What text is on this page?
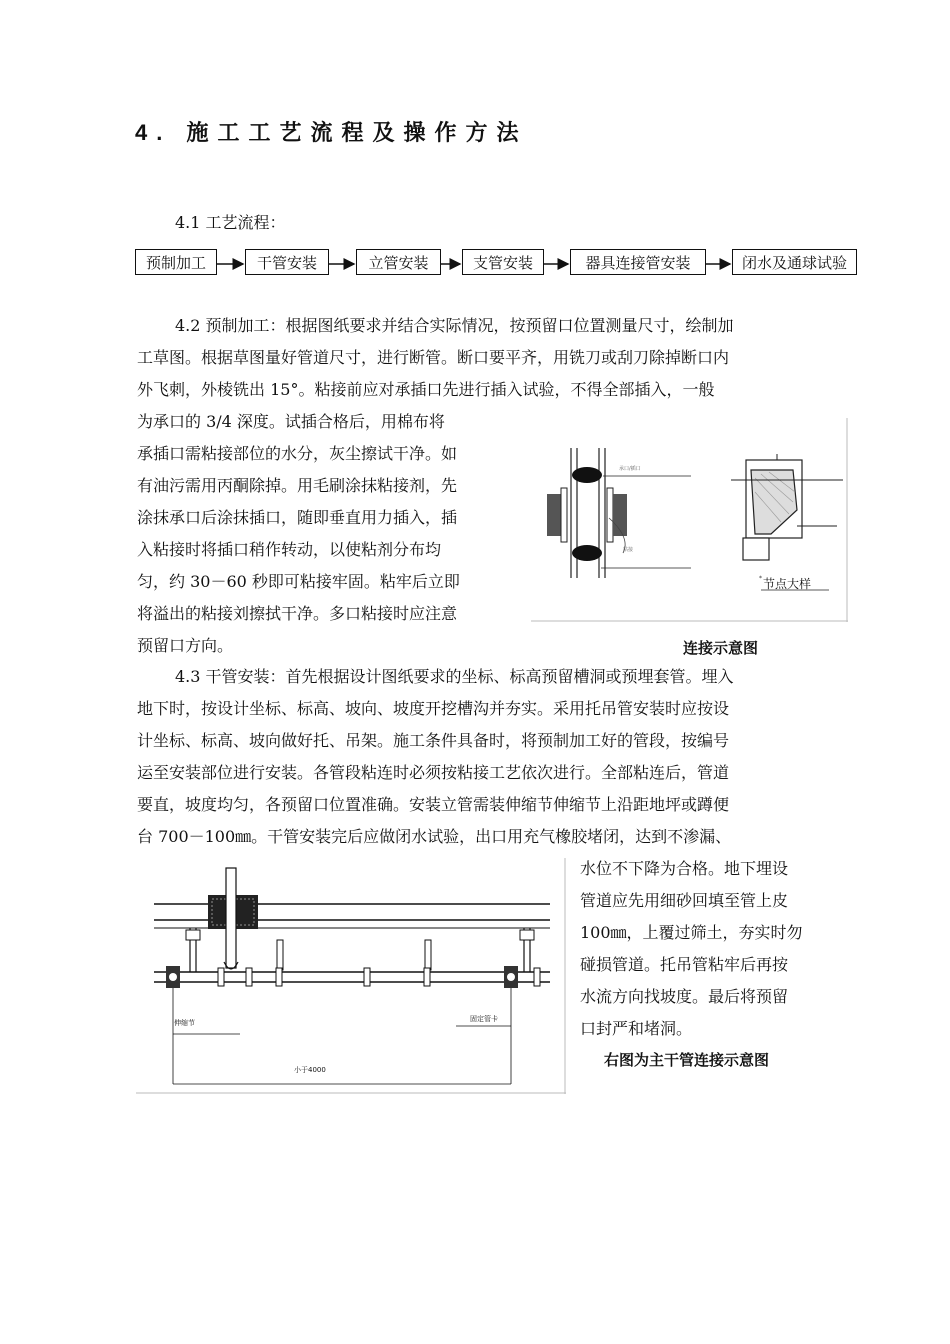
4. 施工工艺流程及操作方法
4.1 工艺流程：
预制加工	干管安装	立管安装	支管安装	器具连接管安装	闭水及通球试验
4.2 预制加工：根据图纸要求并结合实际情况，按预留口位置测量尺寸，绘制加
工草图。根据草图量好管道尺寸，进行断管。断口要平齐，用铣刀或刮刀除掉断口内
外飞刺，外棱铣出 15°。粘接前应对承插口先进行插入试验，不得全部插入，一般
为承口的 3/4 深度。试插合格后，用棉布将
承插口需粘接部位的水分，灰尘擦试干净。如
有油污需用丙酮除掉。用毛刷涂抹粘接剂，先
涂抹承口后涂抹插口，随即垂直用力插入，插
入粘接时将插口稍作转动，以使粘剂分布均
匀，约 30－60 秒即可粘接牢固。粘牢后立即
将溢出的粘接刘擦拭干净。多口粘接时应注意
预留口方向。
承口/插口
粘接
* 节点大样
连接示意图
4.3 干管安装：首先根据设计图纸要求的坐标、标高预留槽洞或预埋套管。埋入
地下时，按设计坐标、标高、坡向、坡度开挖槽沟并夯实。采用托吊管安装时应按设
计坐标、标高、坡向做好托、吊架。施工条件具备时，将预制加工好的管段，按编号
运至安装部位进行安装。各管段粘连时必须按粘接工艺依次进行。全部粘连后，管道
要直，坡度均匀，各预留口位置准确。安装立管需装伸缩节伸缩节上沿距地坪或蹲便
台 700－100㎜。干管安装完后应做闭水试验，出口用充气橡胶堵闭，达到不渗漏、
水位不下降为合格。地下埋设
管道应先用细砂回填至管上皮
100㎜，上覆过筛土，夯实时勿
碰损管道。托吊管粘牢后再按
水流方向找坡度。最后将预留
口封严和堵洞。
右图为主干管连接示意图
伸缩节	固定管卡
小于4000
